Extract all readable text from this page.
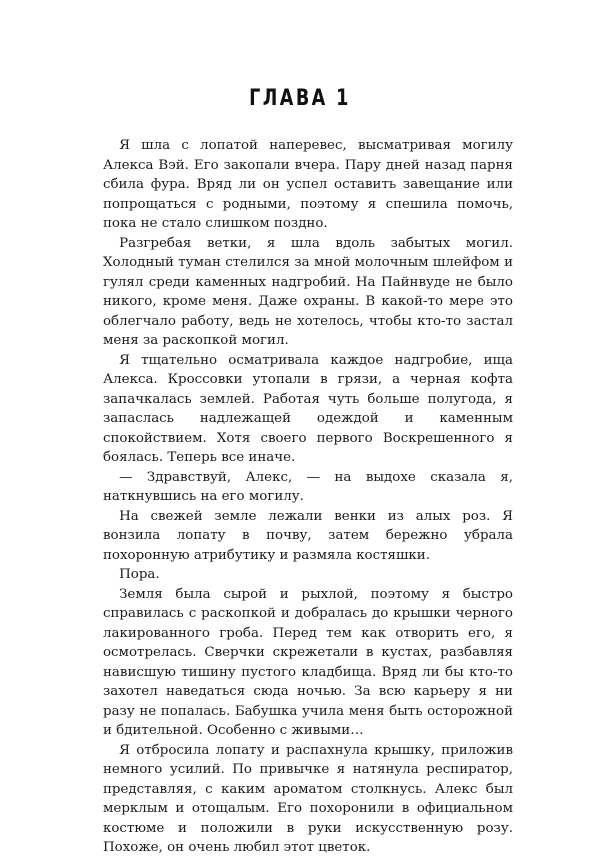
ГЛАВА 1

Я шла с лопатой наперевес, высматривая могилу Алекса Вэй. Его закопали вчера. Пару дней назад парня сбила фура. Вряд ли он успел оставить завещание или попрощаться с родными, поэтому я спешила помочь, пока не стало слишком поздно.

Разгребая ветки, я шла вдоль забытых могил. Холодный туман стелился за мной молочным шлейфом и гулял среди каменных надгробий. На Пайнвуде не было никого, кроме меня. Даже охраны. В какой-то мере это облегчало работу, ведь не хотелось, чтобы кто-то застал меня за раскопкой могил.

Я тщательно осматривала каждое надгробие, ища Алекса. Кроссовки утопали в грязи, а черная кофта запачкалась землей. Работая чуть больше полугода, я запаслась надлежащей одеждой и каменным спокойствием. Хотя своего первого Воскрешенного я боялась. Теперь все иначе.

— Здравствуй, Алекс, — на выдохе сказала я, наткнувшись на его могилу.

На свежей земле лежали венки из алых роз. Я вонзила лопату в почву, затем бережно убрала похоронную атрибутику и размяла костяшки.

Пора.

Земля была сырой и рыхлой, поэтому я быстро справилась с раскопкой и добралась до крышки черного лакированного гроба. Перед тем как отворить его, я осмотрелась. Сверчки скрежетали в кустах, разбавляя нависшую тишину пустого кладбища. Вряд ли бы кто-то захотел наведаться сюда ночью. За всю карьеру я ни разу не попалась. Бабушка учила меня быть осторожной и бдительной. Особенно с живыми…

Я отбросила лопату и распахнула крышку, приложив немного усилий. По привычке я натянула респиратор, представляя, с каким ароматом столкнусь. Алекс был мерклым и отощалым. Его похоронили в официальном костюме и положили в руки искусственную розу. Похоже, он очень любил этот цветок.
